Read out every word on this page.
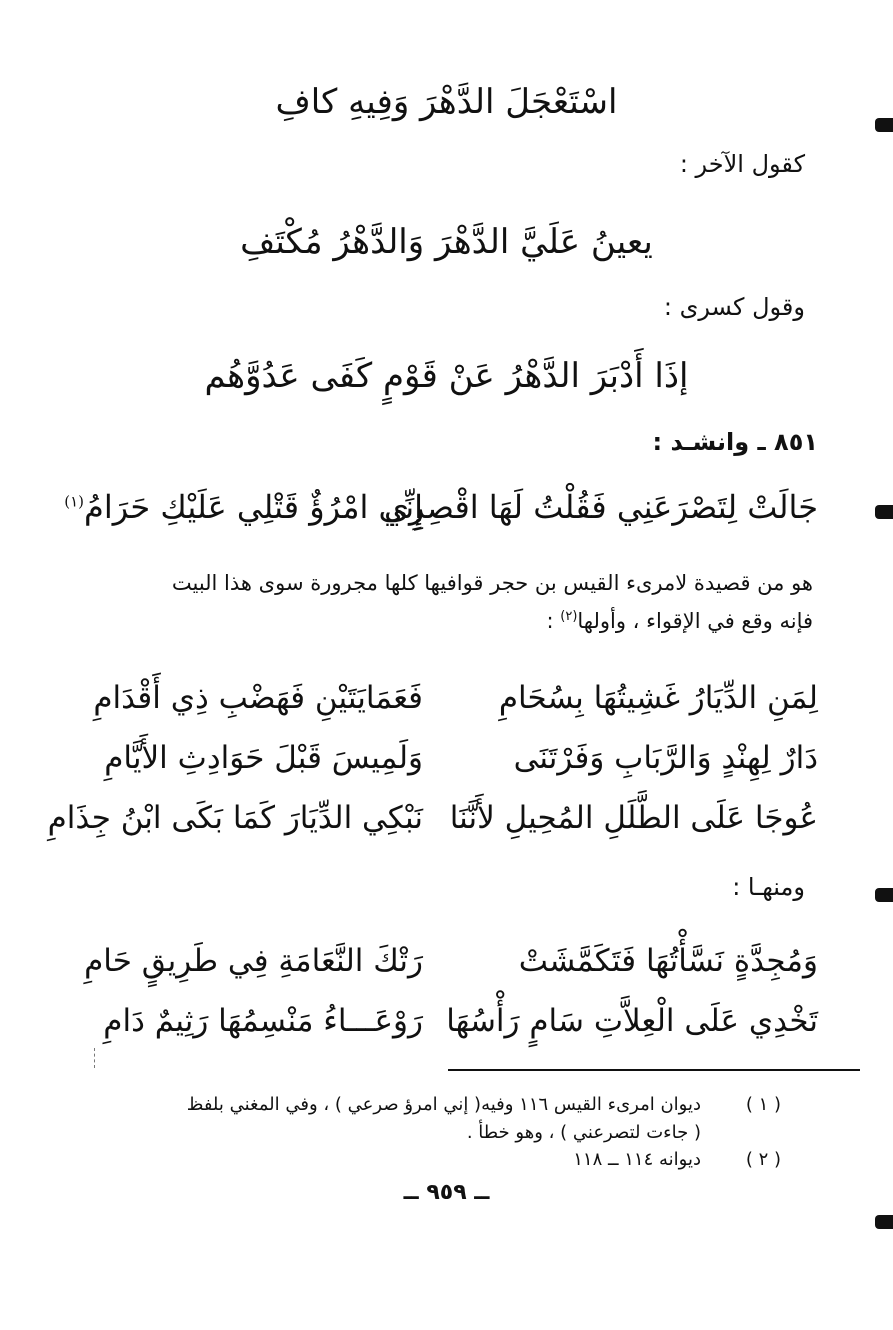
اسْتَعْجَلَ الدَّهْرَ وَفِيهِ كافِ
كقول الآخر :
يعينُ عَلَيَّ الدَّهْرَ وَالدَّهْرُ مُكْتَفِ
وقول كسرى :
إذَا أَدْبَرَ الدَّهْرُ عَنْ قَوْمٍ كَفَى عَدُوَّهُم
٨٥١ ـ وانشـد :
جَالَتْ لِتَصْرَعَنِي فَقُلْتُ لَهَا اقْصِرِي
إِنِّي امْرُؤٌ قَتْلِي عَلَيْكِ حَرَامُ$^{(١)}$
هو من قصيدة لامرىء القيس بن حجر قوافيها كلها مجرورة سوى هذا البيت
فإنه وقع في الإقواء ، وأولها$^{(٢)}$ :
لِمَنِ الدِّيَارُ غَشِيتُهَا بِسُحَامِ
فَعَمَايَتَيْنِ فَهَضْبِ ذِي أَقْدَامِ
دَارٌ لِهِنْدٍ وَالرَّبَابِ وَفَرْتَنَى
وَلَمِيسَ قَبْلَ حَوَادِثِ الأَيَّامِ
عُوجَا عَلَى الطَّلَلِ المُحِيلِ لأَنَّنَا
نَبْكِي الدِّيَارَ كَمَا بَكَى ابْنُ جِذَامِ
ومنهـا :
وَمُجِدَّةٍ نَسَّأْتُهَا فَتَكَمَّشَتْ
رَتْكَ النَّعَامَةِ فِي طَرِيقٍ حَامِ
تَخْدِي عَلَى الْعِلاَّتِ سَامٍ رَأْسُهَا
رَوْعَـــاءُ مَنْسِمُهَا رَثِيمٌ دَامِ
( ١ )
ديوان امرىء القيس ١١٦ وفيه( إني امرؤ صرعي ) ، وفي المغني بلفظ
( جاءت لتصرعني ) ، وهو خطأ .
( ٢ )
ديوانه ١١٤ ــ ١١٨
ــ ٩٥٩ ــ
